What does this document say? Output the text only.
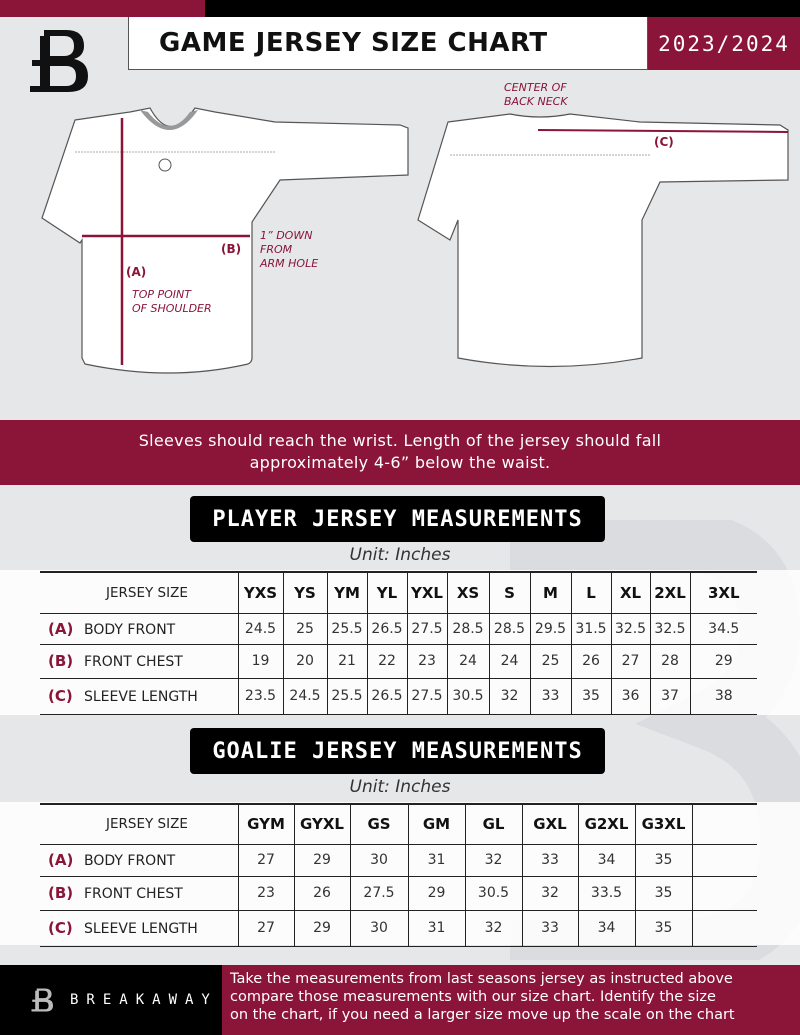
GAME JERSEY SIZE CHART	2023/2024
(A)
TOP POINT
OF SHOULDER
(B)
1” DOWN
FROM
ARM HOLE
CENTER OF
BACK NECK
(C)
Sleeves should reach the wrist. Length of the jersey should fall
approximately 4-6” below the waist.
PLAYER JERSEY MEASUREMENTS
Unit: Inches
JERSEY SIZE	YXS	YS	YM	YL	YXL	XS	S	M	L	XL	2XL	3XL
(A) BODY FRONT	24.5	25	25.5	26.5	27.5	28.5	28.5	29.5	31.5	32.5	32.5	34.5
(B) FRONT CHEST	19	20	21	22	23	24	24	25	26	27	28	29
(C) SLEEVE LENGTH	23.5	24.5	25.5	26.5	27.5	30.5	32	33	35	36	37	38
GOALIE JERSEY MEASUREMENTS
Unit: Inches
JERSEY SIZE	GYM	GYXL	GS	GM	GL	GXL	G2XL	G3XL	
(A) BODY FRONT	27	29	30	31	32	33	34	35	
(B) FRONT CHEST	23	26	27.5	29	30.5	32	33.5	35	
(C) SLEEVE LENGTH	27	29	30	31	32	33	34	35	
BREAKAWAY
Take the measurements from last seasons jersey as instructed above
compare those measurements with our size chart. Identify the size
on the chart, if you need a larger size move up the scale on the chart
